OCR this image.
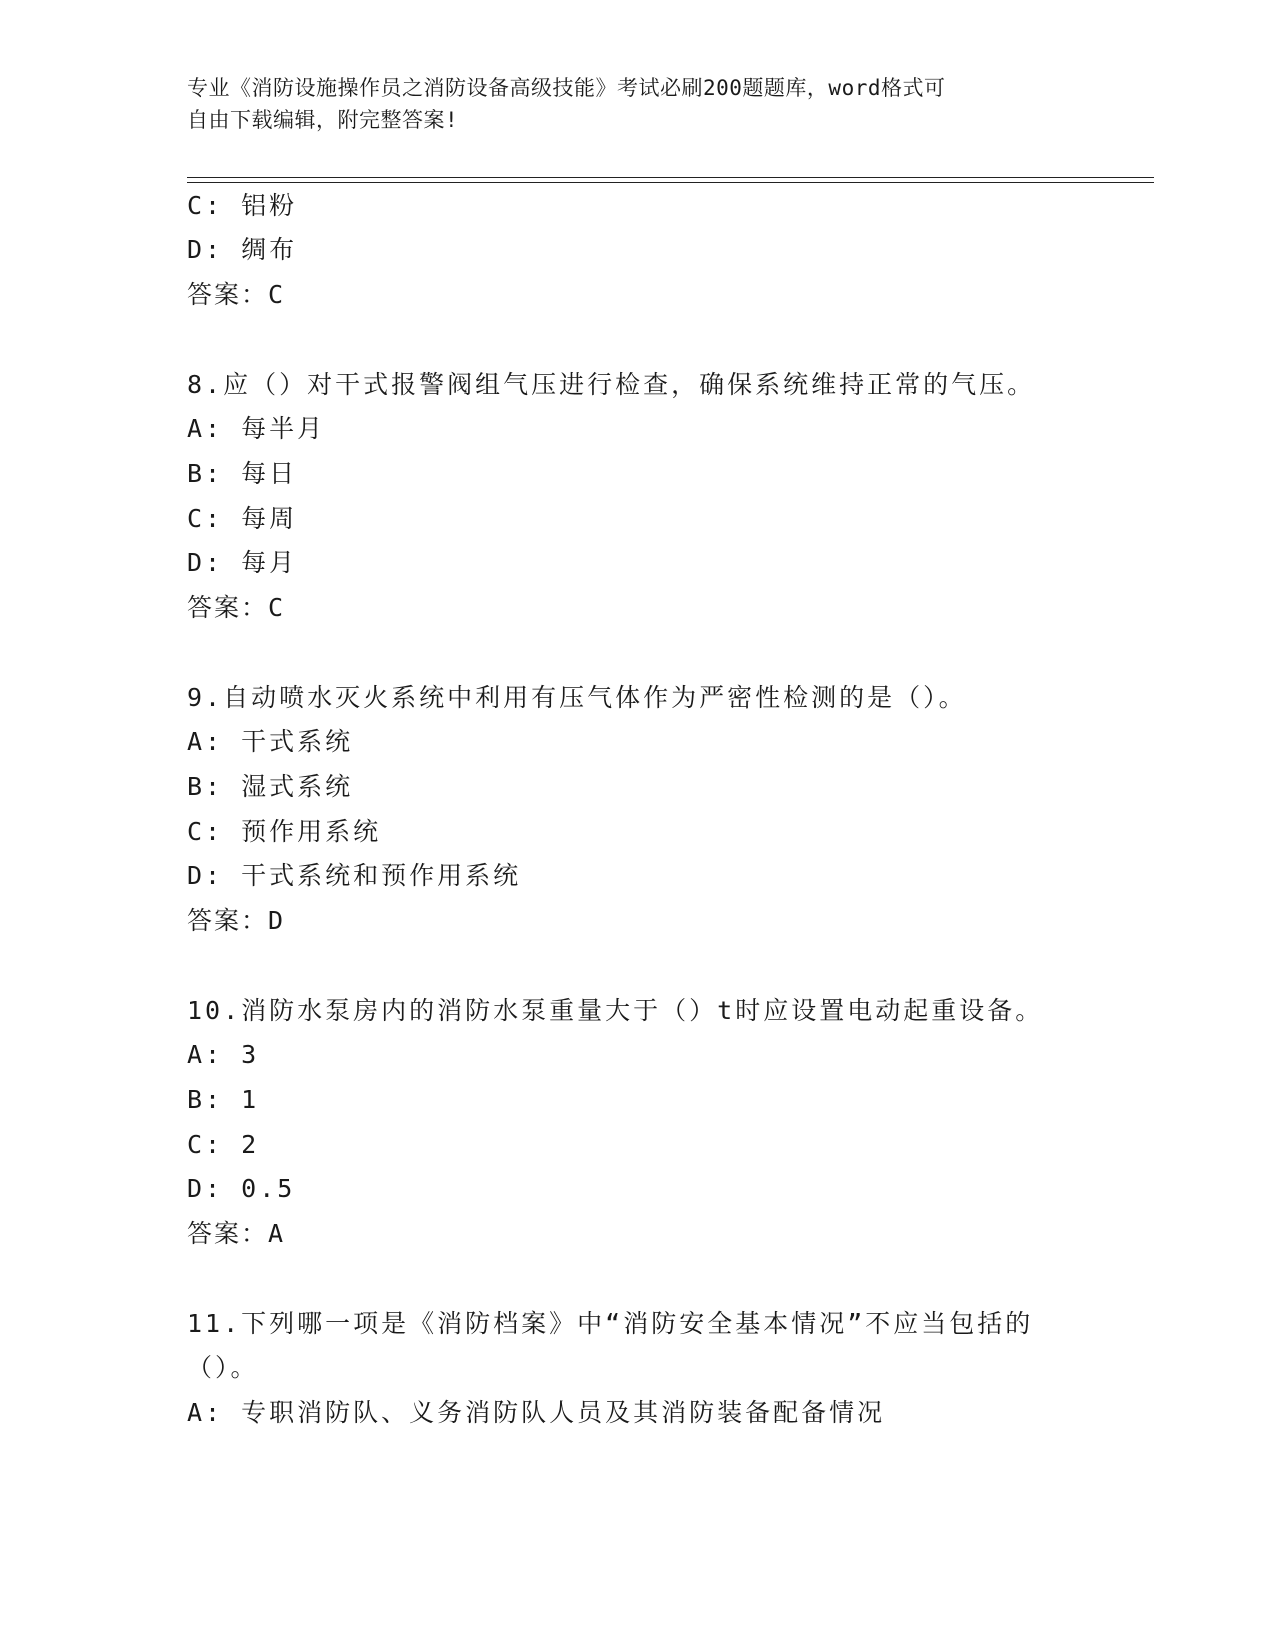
专业《消防设施操作员之消防设备高级技能》考试必刷200题题库，word格式可
自由下载编辑，附完整答案!
C: 铝粉
D: 绸布
答案：C
8.应（）对干式报警阀组气压进行检查，确保系统维持正常的气压。
A: 每半月
B: 每日
C: 每周
D: 每月
答案：C
9.自动喷水灭火系统中利用有压气体作为严密性检测的是（）。
A: 干式系统
B: 湿式系统
C: 预作用系统
D: 干式系统和预作用系统
答案：D
10.消防水泵房内的消防水泵重量大于（）t时应设置电动起重设备。
A: 3
B: 1
C: 2
D: 0.5
答案：A
11.下列哪一项是《消防档案》中“消防安全基本情况”不应当包括的
（）。
A: 专职消防队、义务消防队人员及其消防装备配备情况
